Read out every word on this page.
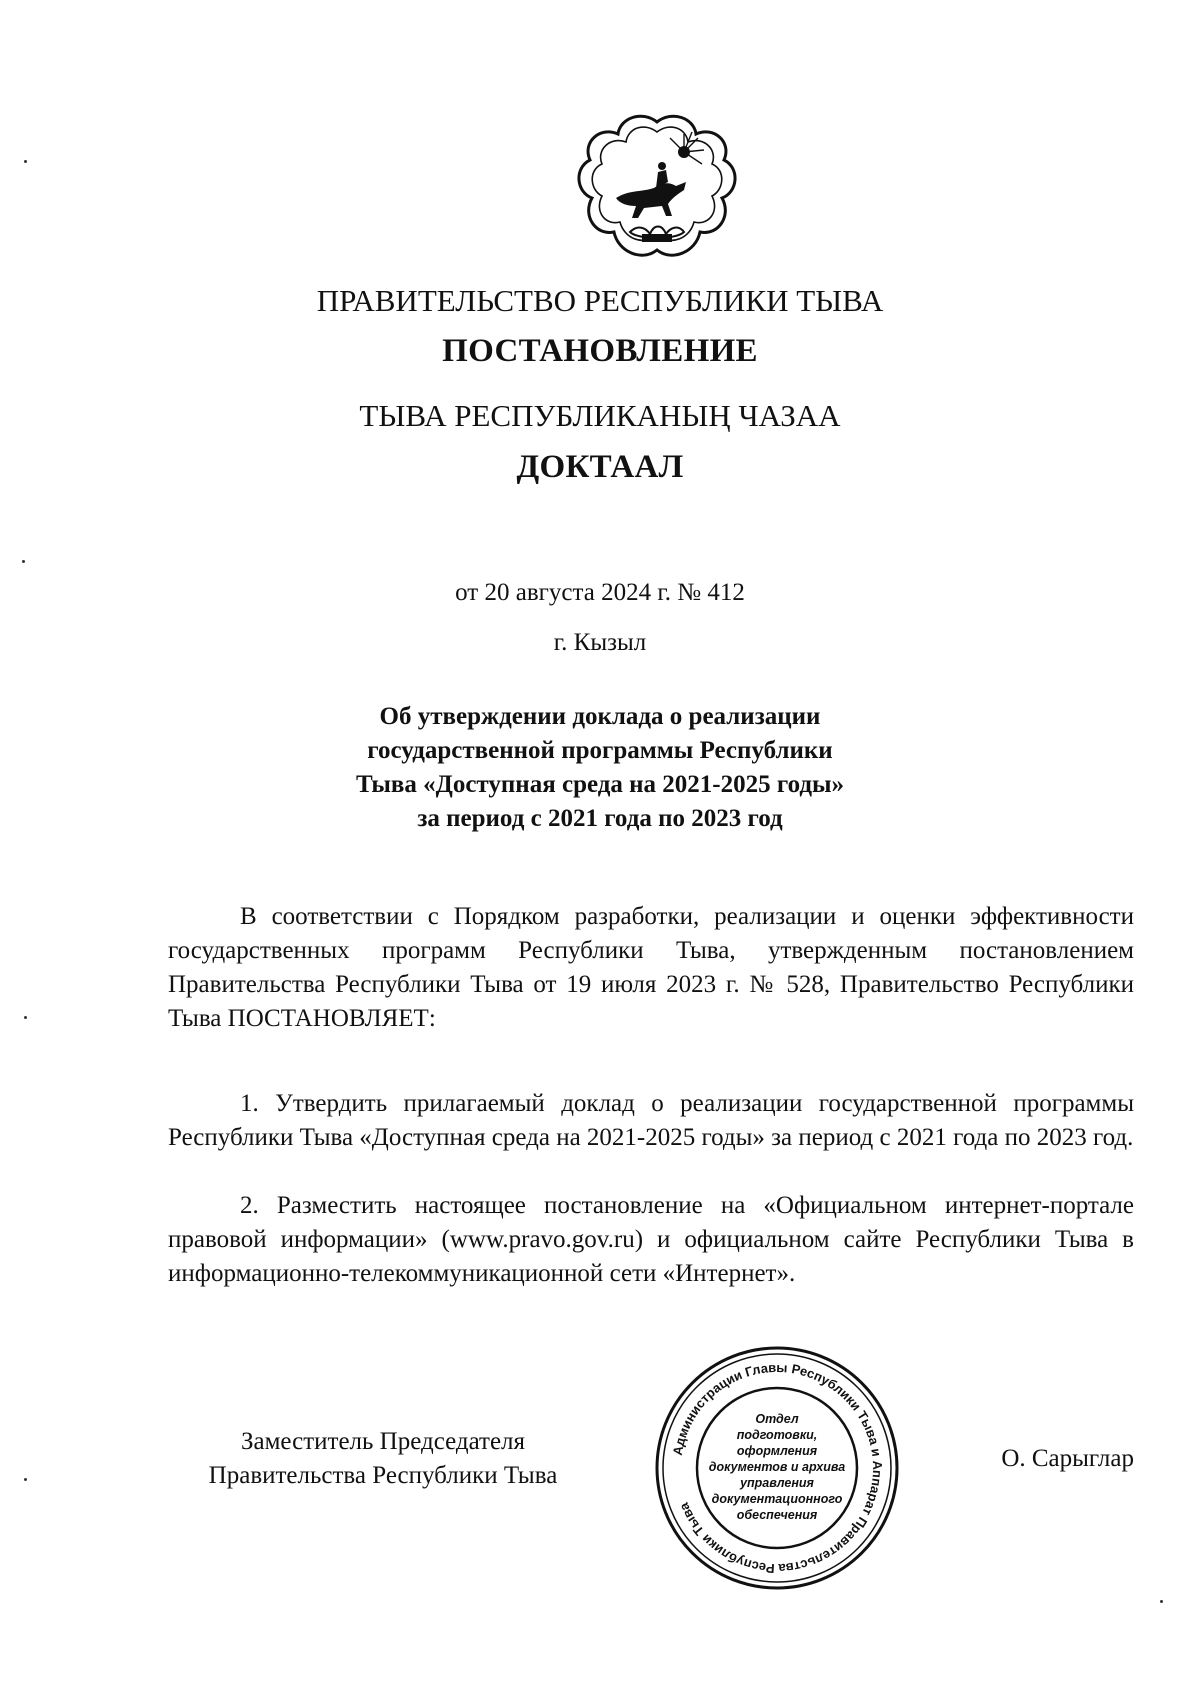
ПРАВИТЕЛЬСТВО РЕСПУБЛИКИ ТЫВА
ПОСТАНОВЛЕНИЕ
ТЫВА РЕСПУБЛИКАНЫҢ ЧАЗАА
ДОКТААЛ
от 20 августа 2024 г. № 412
г. Кызыл
Об утверждении доклада о реализации
государственной программы Республики
Тыва «Доступная среда на 2021-2025 годы»
за период с 2021 года по 2023 год

В соответствии с Порядком разработки, реализации и оценки эффективности государственных программ Республики Тыва, утвержденным постановлением Правительства Республики Тыва от 19 июля 2023 г. № 528, Правительство Республики Тыва ПОСТАНОВЛЯЕТ:

1. Утвердить прилагаемый доклад о реализации государственной программы Республики Тыва «Доступная среда на 2021-2025 годы» за период с 2021 года по 2023 год.

2. Разместить настоящее постановление на «Официальном интернет-портале правовой информации» (www.pravo.gov.ru) и официальном сайте Республики Тыва в информационно-телекоммуникационной сети «Интернет».

Заместитель Председателя
Правительства Республики Тыва
О. Сарыглар
Администрации Главы Республики Тыва и Аппарат Правительства Республики Тыва
Отдел
подготовки,
оформления
документов и архива
управления
документационного
обеспечения
